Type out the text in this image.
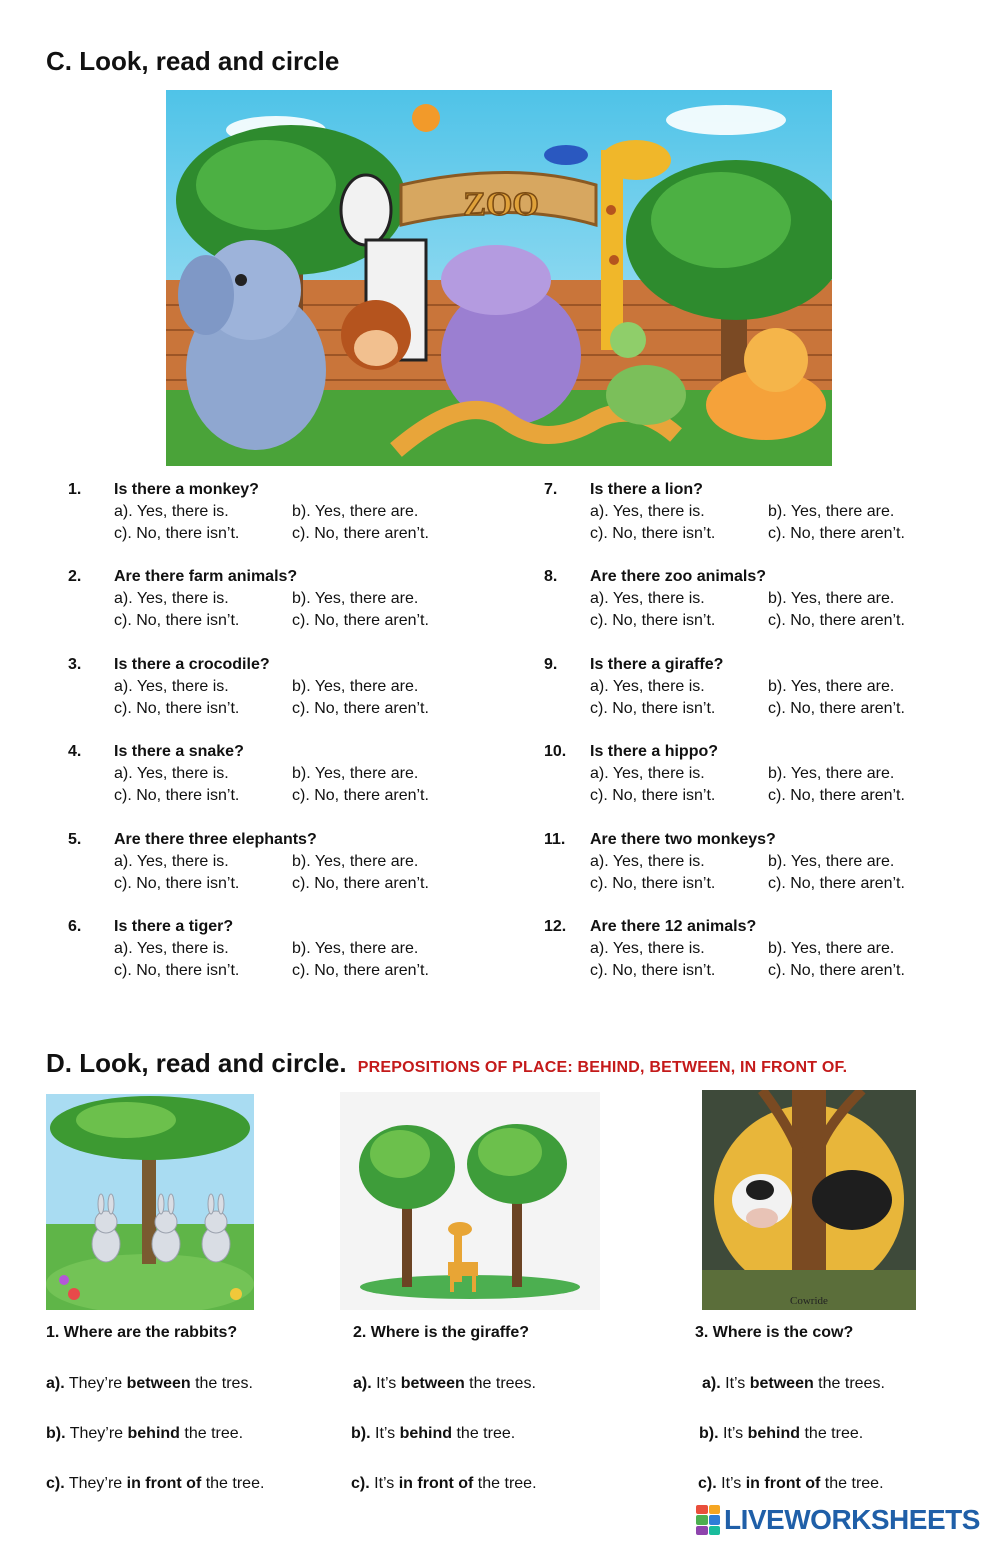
C. Look, read and circle
ZOO
1. Is there a monkey?
a). Yes, there is.	b). Yes, there are.
c). No, there isn’t.	c). No, there aren’t.
2. Are there farm animals?
a). Yes, there is.	b). Yes, there are.
c). No, there isn’t.	c). No, there aren’t.
3. Is there a crocodile?
a). Yes, there is.	b). Yes, there are.
c). No, there isn’t.	c). No, there aren’t.
4. Is there a snake?
a). Yes, there is.	b). Yes, there are.
c). No, there isn’t.	c). No, there aren’t.
5. Are there three elephants?
a). Yes, there is.	b). Yes, there are.
c). No, there isn’t.	c). No, there aren’t.
6. Is there a tiger?
a). Yes, there is.	b). Yes, there are.
c). No, there isn’t.	c). No, there aren’t.
7. Is there a lion?
a). Yes, there is.	b). Yes, there are.
c). No, there isn’t.	c). No, there aren’t.
8. Are there zoo animals?
a). Yes, there is.	b). Yes, there are.
c). No, there isn’t.	c). No, there aren’t.
9. Is there a giraffe?
a). Yes, there is.	b). Yes, there are.
c). No, there isn’t.	c). No, there aren’t.
10. Is there a hippo?
a). Yes, there is.	b). Yes, there are.
c). No, there isn’t.	c). No, there aren’t.
11. Are there two monkeys?
a). Yes, there is.	b). Yes, there are.
c). No, there isn’t.	c). No, there aren’t.
12. Are there 12 animals?
a). Yes, there is.	b). Yes, there are.
c). No, there isn’t.	c). No, there aren’t.
D. Look, read and circle. PREPOSITIONS OF PLACE: BEHIND, BETWEEN, IN FRONT OF.
Cowride
1. Where are the rabbits?	2. Where is the giraffe?	3. Where is the cow?
a). They’re between the tres.
b). They’re behind the tree.
c). They’re in front of the tree.
a). It’s between the trees.
b). It’s behind the tree.
c). It’s in front of the tree.
a). It’s between the trees.
b). It’s behind the tree.
c). It’s in front of the tree.
LIVEWORKSHEETS
